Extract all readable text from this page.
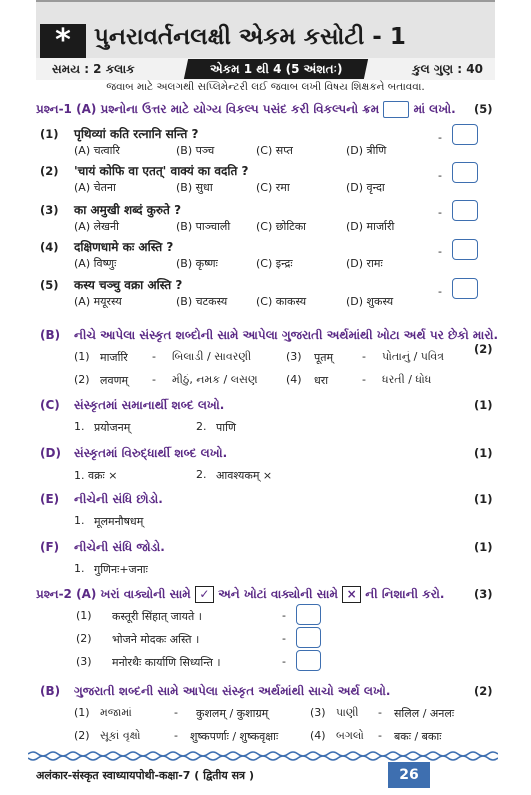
*	પુનરાવર્તનલક્ષી એકમ કસોટી - 1
સમય : 2 કલાક	એકમ 1 થી 4 (5 અંશતઃ)	કુલ ગુણ : 40
જવાબ માટે અલગથી સપ્લિમેન્ટરી લઈ જવાબ લખી વિષય શિક્ષકને બતાવવા.
પ્રશ્ન-1 (A) પ્રશ્નોના ઉત્તર માટે યોગ્ય વિકલ્પ પસંદ કરી વિકલ્પનો ક્રમ	માં લખો. (5)
(1) पृथिव्यां कति रत्नानि सन्ति ?
(A) चत्वारि	(B) पञ्च	(C) सप्त	(D) त्रीणि
-
(2) 'चायं कोफि वा एतत्' वाक्यं का वदति ?
(A) चेतना	(B) सुधा	(C) रमा	(D) वृन्दा
-
(3) का अमुखी शब्दं कुरुते ?
(A) लेखनी	(B) पाञ्चाली (C) छोटिका	(D) मार्जारी
-
(4) दक्षिणधामे कः अस्ति ?
(A) विष्णुः	(B) कृष्णः	(C) इन्द्रः	(D) रामः
-
(5) कस्य चञ्चु वक्रा अस्ति ?
(A) मयूरस्य	(B) चटकस्य	(C) काकस्य	(D) शुकस्य
-
(B) નીચે આપેલા સંસ્કૃત શબ્દોની સામે આપેલા ગુજરાતી અર્થમાંથી ખોટા અર્થ પર છેકો મારો.
(2)
(1) मार्जारि - બિલાડી / સાવરણી	(3) पूतम्	- પોતાનું / પવિત્ર
(2) लवणम् - મીઠું, નમક / લસણ	(4) धरा	- ધરતી / ધોધ
(C) સંસ્કૃતમાં સમાનાર્થી શબ્દ લખો.	(1)
1. प्रयोजनम्	2. पाणि
(D) સંસ્કૃતમાં વિરુદ્ધાર્થી શબ્દ લખો.	(1)
1. वक्रः ×	2. आवश्यकम् ×
(E) નીચેની સંધિ છોડો.	(1)
1. मूलमनौषधम्
(F) નીચેની સંધિ જોડો.	(1)
1. गुणिनः+जनाः
પ્રશ્ન-2 (A) ખરાં વાક્યોની સામે ✓ અને ખોટાં વાક્યોની સામે × ની નિશાની કરો.	(3)
(1) कस्तूरी सिंहात् जायते ।	-
(2) भोजने मोदकः अस्ति ।	-
(3) मनोरथैः कार्याणि सिध्यन्ति ।	-
(B) ગુજરાતી શબ્દની સામે આપેલા સંસ્કૃત અર્થમાંથી સાચો અર્થ લખો.	(2)
(1) મજામાં	- कुशलम् / कुशाग्रम्	(3) પાણી - सलिल / अनलः
(2) સૂકાં વૃક્ષો	- शुष्कपर्णाः / शुष्कवृक्षाः	(4) બગલો - बकः / बकाः
अलंकार-संस्कृत स्वाध्यायपोथी-कक्षा-7 ( द्वितीय सत्र )	26
